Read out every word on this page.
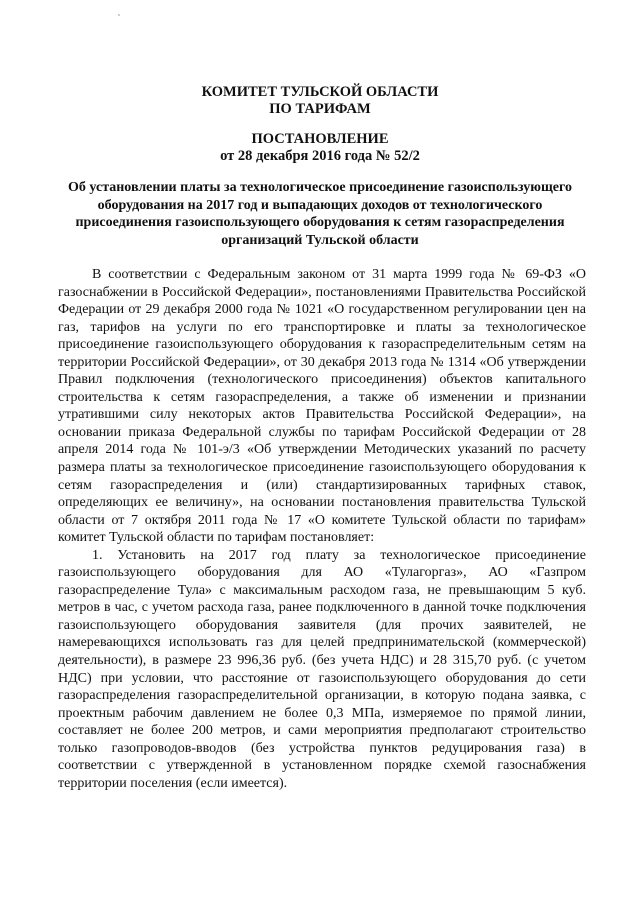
КОМИТЕТ ТУЛЬСКОЙ ОБЛАСТИ
ПО ТАРИФАМ
ПОСТАНОВЛЕНИЕ
от 28 декабря 2016 года № 52/2
Об установлении платы за технологическое присоединение газоиспользующего
оборудования на 2017 год и выпадающих доходов от технологического
присоединения газоиспользующего оборудования к сетям газораспределения
организаций Тульской области

В соответствии с Федеральным законом от 31 марта 1999 года № 69-ФЗ «О газоснабжении в Российской Федерации», постановлениями Правительства Российской Федерации от 29 декабря 2000 года № 1021 «О государственном регулировании цен на газ, тарифов на услуги по его транспортировке и платы за технологическое присоединение газоиспользующего оборудования к газораспределительным сетям на территории Российской Федерации», от 30 декабря 2013 года № 1314 «Об утверждении Правил подключения (технологического присоединения) объектов капитального строительства к сетям газораспределения, а также об изменении и признании утратившими силу некоторых актов Правительства Российской Федерации», на основании приказа Федеральной службы по тарифам Российской Федерации от 28 апреля 2014 года № 101-э/3 «Об утверждении Методических указаний по расчету размера платы за технологическое присоединение газоиспользующего оборудования к сетям газораспределения и (или) стандартизированных тарифных ставок, определяющих ее величину», на основании постановления правительства Тульской области от 7 октября 2011 года № 17 «О комитете Тульской области по тарифам» комитет Тульской области по тарифам постановляет:

1. Установить на 2017 год плату за технологическое присоединение газоиспользующего оборудования для АО «Тулагоргаз», АО «Газпром газораспределение Тула» с максимальным расходом газа, не превышающим 5 куб. метров в час, с учетом расхода газа, ранее подключенного в данной точке подключения газоиспользующего оборудования заявителя (для прочих заявителей, не намеревающихся использовать газ для целей предпринимательской (коммерческой) деятельности), в размере 23 996,36 руб. (без учета НДС) и 28 315,70 руб. (с учетом НДС) при условии, что расстояние от газоиспользующего оборудования до сети газораспределения газораспределительной организации, в которую подана заявка, с проектным рабочим давлением не более 0,3 МПа, измеряемое по прямой линии, составляет не более 200 метров, и сами мероприятия предполагают строительство только газопроводов-вводов (без устройства пунктов редуцирования газа) в соответствии с утвержденной в установленном порядке схемой газоснабжения территории поселения (если имеется).
